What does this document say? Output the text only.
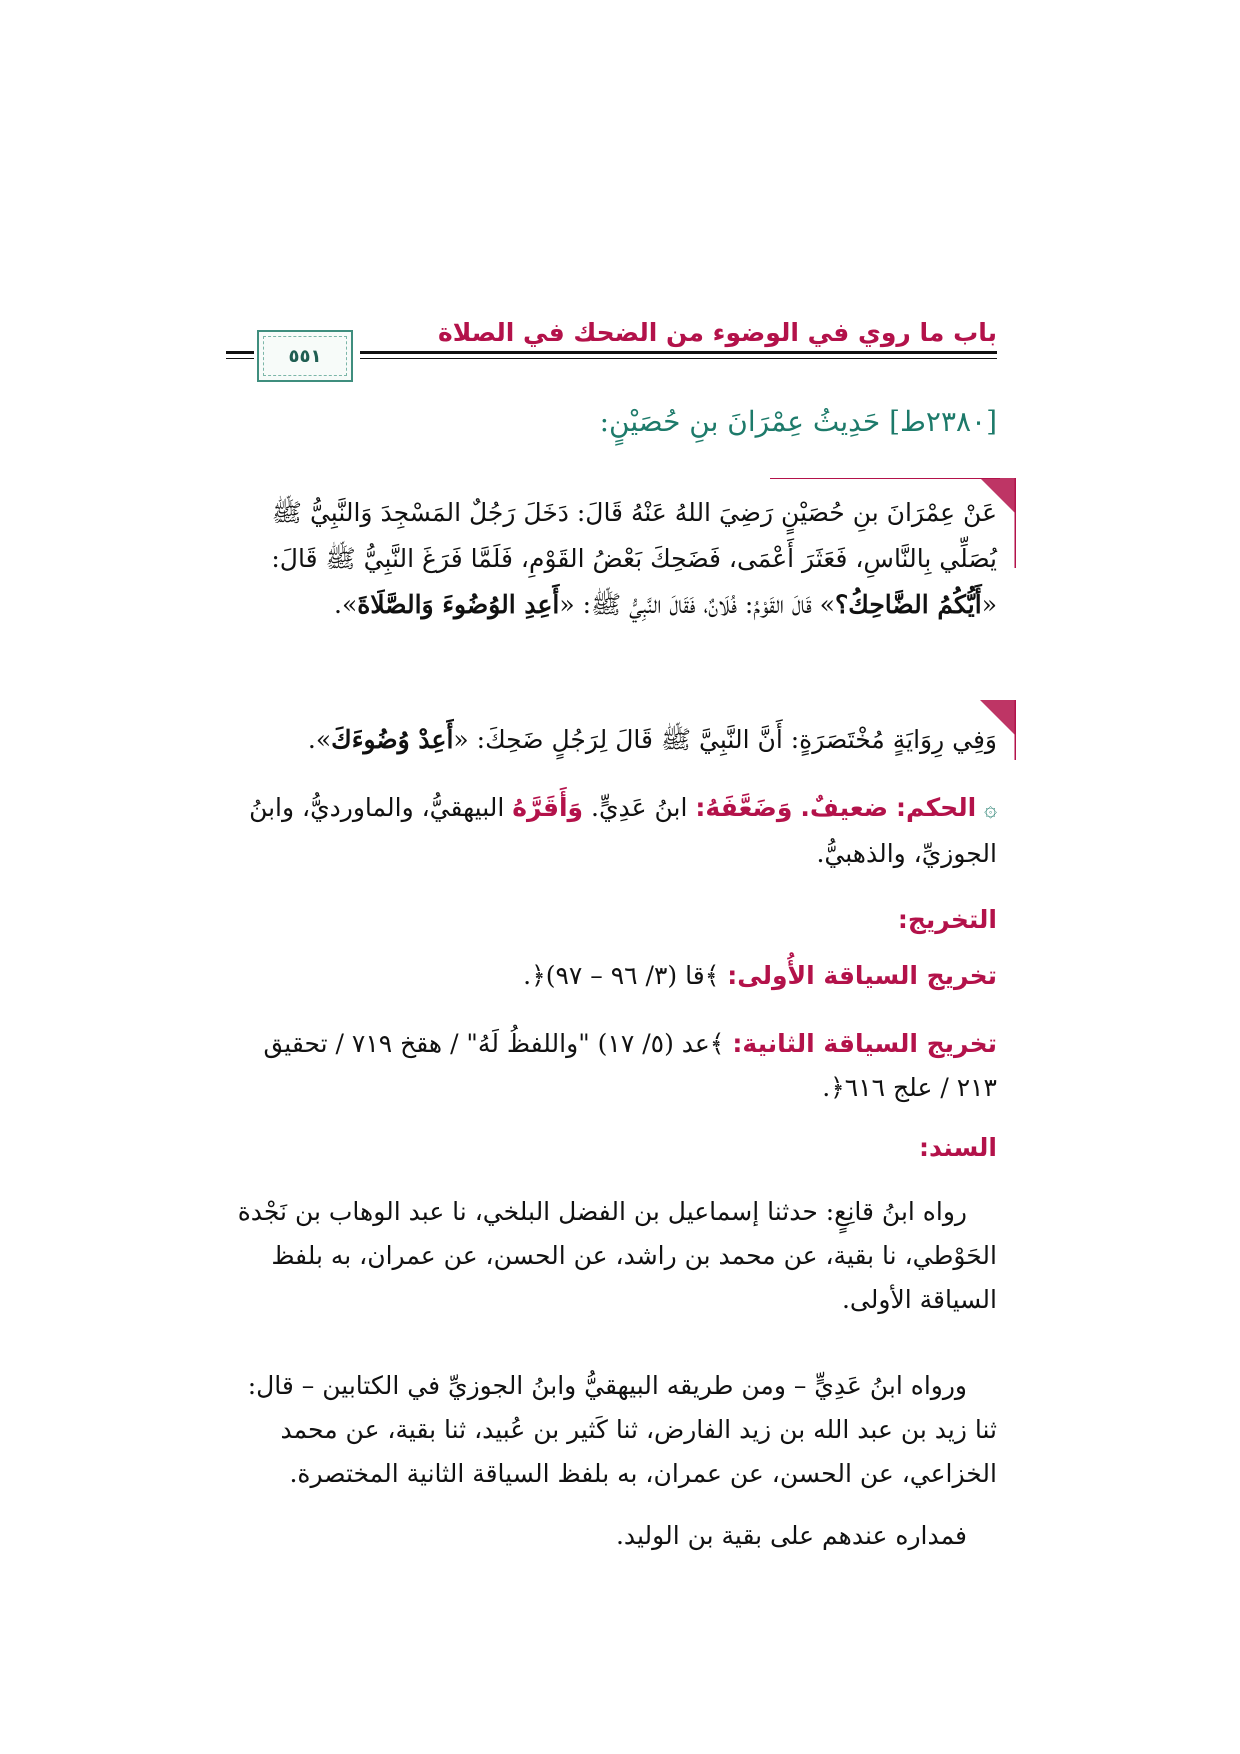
باب ما روي في الوضوء من الضحك في الصلاة
٥٥١
[٢٣٨٠ط] حَدِيثُ عِمْرَانَ بنِ حُصَيْنٍ:
عَنْ عِمْرَانَ بنِ حُصَيْنٍ رَضِيَ اللهُ عَنْهُ قَالَ: دَخَلَ رَجُلٌ المَسْجِدَ وَالنَّبِيُّ ﷺ يُصَلِّي بِالنَّاسِ، فَعَثَرَ أَعْمَى، فَضَحِكَ بَعْضُ القَوْمِ، فَلَمَّا فَرَغَ النَّبِيُّ ﷺ قَالَ: «أَيُّكُمُ الضَّاحِكُ؟» قَالَ القَوْمُ: فُلَانٌ، فَقَالَ النَّبِيُّ ﷺ: «أَعِدِ الوُضُوءَ وَالصَّلَاةَ».
وَفِي رِوَايَةٍ مُخْتَصَرَةٍ: أَنَّ النَّبِيَّ ﷺ قَالَ لِرَجُلٍ ضَحِكَ: «أَعِدْ وُضُوءَكَ».
۞ الحكم: ضعيفٌ. وَضَعَّفَهُ: ابنُ عَدِيٍّ. وَأَقَرَّهُ البيهقيُّ، والماورديُّ، وابنُ الجوزيِّ، والذهبيُّ.
التخريج:
تخريج السياقة الأُولى: ﴾قا (٣/ ٩٦ – ٩٧)﴿.
تخريج السياقة الثانية: ﴾عد (٥/ ١٧) "واللفظُ لَهُ" / هقخ ٧١٩ / تحقيق ٢١٣ / علج ٦١٦﴿.
السند:
رواه ابنُ قانِعٍ: حدثنا إسماعيل بن الفضل البلخي، نا عبد الوهاب بن نَجْدة الحَوْطي، نا بقية، عن محمد بن راشد، عن الحسن، عن عمران، به بلفظ السياقة الأولى.
ورواه ابنُ عَدِيٍّ – ومن طريقه البيهقيُّ وابنُ الجوزيِّ في الكتابين – قال: ثنا زيد بن عبد الله بن زيد الفارض، ثنا كَثير بن عُبيد، ثنا بقية، عن محمد الخزاعي، عن الحسن، عن عمران، به بلفظ السياقة الثانية المختصرة.
فمداره عندهم على بقية بن الوليد.
